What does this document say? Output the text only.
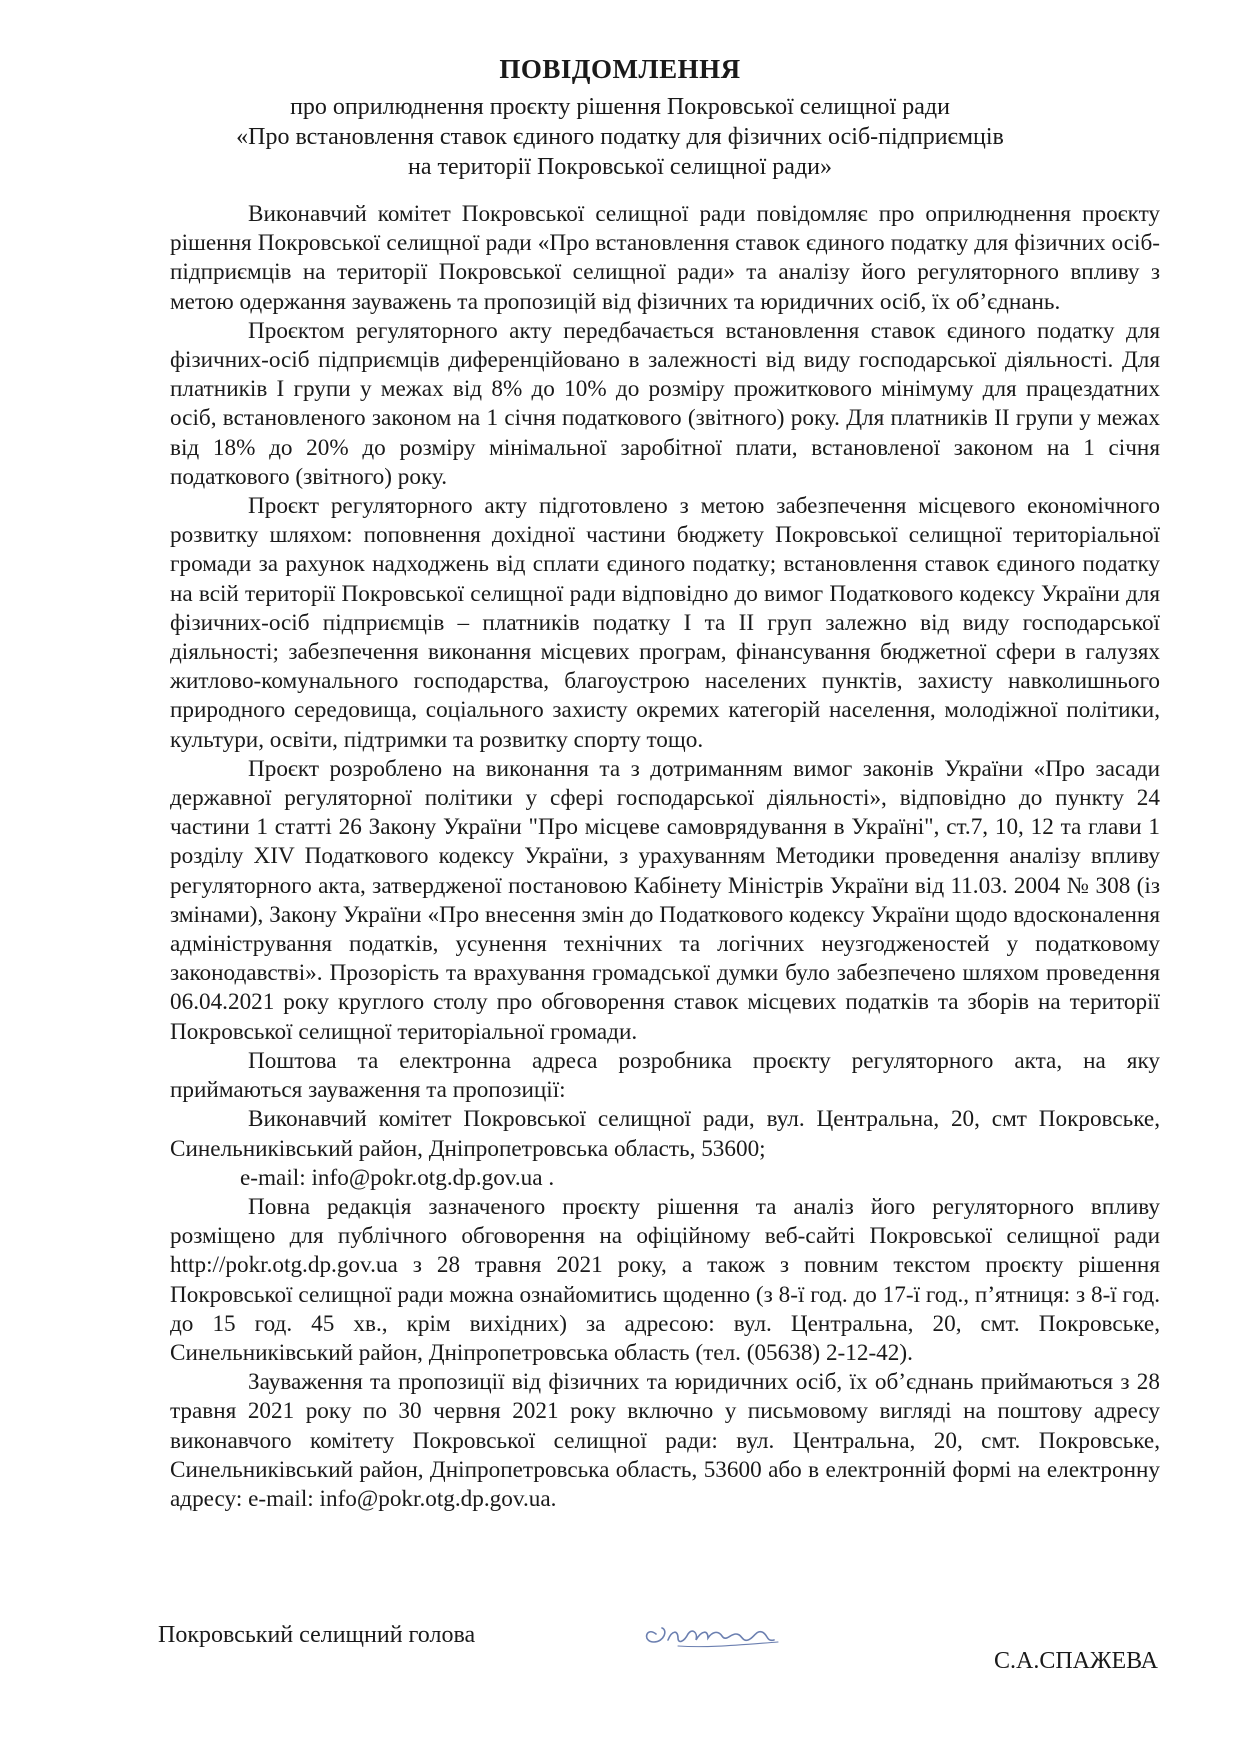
ПОВІДОМЛЕННЯ
про оприлюднення проєкту рішення Покровської селищної ради
«Про встановлення ставок єдиного податку для фізичних осіб-підприємців
на території Покровської селищної ради»

Виконавчий комітет Покровської селищної ради повідомляє про оприлюднення проєкту рішення Покровської селищної ради «Про встановлення ставок єдиного податку для фізичних осіб-підприємців на території Покровської селищної ради» та аналізу його регуляторного впливу з метою одержання зауважень та пропозицій від фізичних та юридичних осіб, їх об’єднань.

Проєктом регуляторного акту передбачається встановлення ставок єдиного податку для фізичних-осіб підприємців диференційовано в залежності від виду господарської діяльності. Для платників І групи у межах від 8% до 10% до розміру прожиткового мінімуму для працездатних осіб, встановленого законом на 1 січня податкового (звітного) року. Для платників ІІ групи у межах від 18% до 20% до розміру мінімальної заробітної плати, встановленої законом на 1 січня податкового (звітного) року.

Проєкт регуляторного акту підготовлено з метою забезпечення місцевого економічного розвитку шляхом: поповнення дохідної частини бюджету Покровської селищної територіальної громади за рахунок надходжень від сплати єдиного податку; встановлення ставок єдиного податку на всій території Покровської селищної ради відповідно до вимог Податкового кодексу України для фізичних-осіб підприємців – платників податку І та ІІ груп залежно від виду господарської діяльності; забезпечення виконання місцевих програм, фінансування бюджетної сфери в галузях житлово-комунального господарства, благоустрою населених пунктів, захисту навколишнього природного середовища, соціального захисту окремих категорій населення, молодіжної політики, культури, освіти, підтримки та розвитку спорту тощо.

Проєкт розроблено на виконання та з дотриманням вимог законів України «Про засади державної регуляторної політики у сфері господарської діяльності», відповідно до пункту 24 частини 1 статті 26 Закону України "Про місцеве самоврядування в Україні", ст.7, 10, 12 та глави 1 розділу ХІV Податкового кодексу України, з урахуванням Методики проведення аналізу впливу регуляторного акта, затвердженої постановою Кабінету Міністрів України від 11.03. 2004 № 308 (із змінами), Закону України «Про внесення змін до Податкового кодексу України щодо вдосконалення адміністрування податків, усунення технічних та логічних неузгодженостей у податковому законодавстві». Прозорість та врахування громадської думки було забезпечено шляхом проведення 06.04.2021 року круглого столу про обговорення ставок місцевих податків та зборів на території Покровської селищної територіальної громади.

Поштова та електронна адреса розробника проєкту регуляторного акта, на яку приймаються зауваження та пропозиції:

Виконавчий комітет Покровської селищної ради, вул. Центральна, 20, смт Покровське, Синельниківський район, Дніпропетровська область, 53600;

e-mail: info@pokr.otg.dp.gov.ua .

Повна редакція зазначеного проєкту рішення та аналіз його регуляторного впливу розміщено для публічного обговорення на офіційному веб-сайті Покровської селищної ради http://pokr.otg.dp.gov.ua з 28 травня 2021 року, а також з повним текстом проєкту рішення Покровської селищної ради можна ознайомитись щоденно (з 8-ї год. до 17-ї год., п’ятниця: з 8-ї год. до 15 год. 45 хв., крім вихідних) за адресою: вул. Центральна, 20, смт. Покровське, Синельниківський район, Дніпропетровська область (тел. (05638) 2-12-42).

Зауваження та пропозиції від фізичних та юридичних осіб, їх об’єднань приймаються з 28 травня 2021 року по 30 червня 2021 року включно у письмовому вигляді на поштову адресу виконавчого комітету Покровської селищної ради: вул. Центральна, 20, смт. Покровське, Синельниківський район, Дніпропетровська область, 53600 або в електронній формі на електронну адресу: e-mail: info@pokr.otg.dp.gov.ua.

Покровський селищний голова
С.А.СПАЖЕВА
